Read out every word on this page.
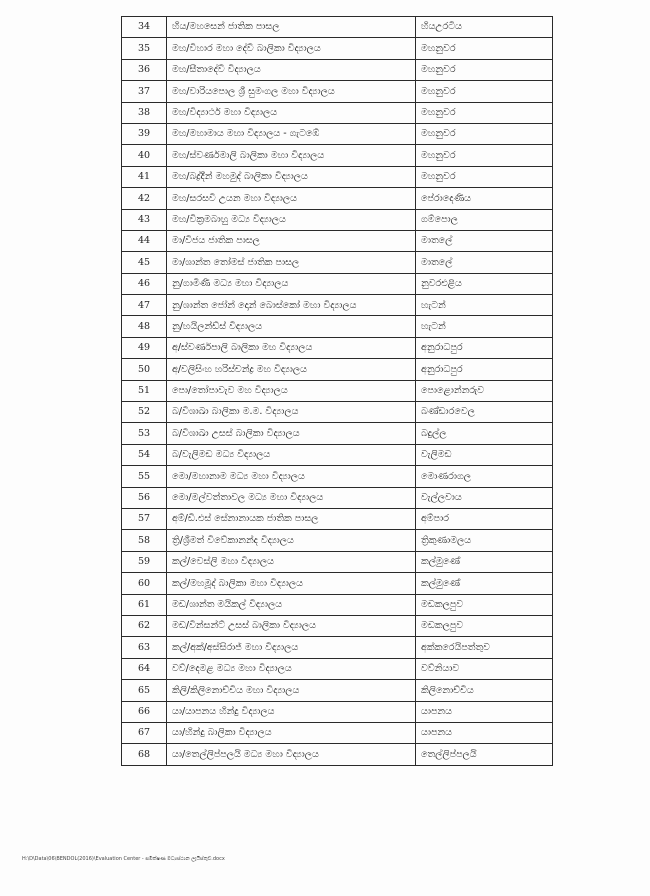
34	හිය/මහසෙන් ජාතික පාසල	හියඋරටිය
35	මහ/විහාර මහා දේවි බාලිකා විද්‍යාලය	මහනුවර
36	මහ/සීතාදේවි විද්‍යාලය	මහනුවර
37	මහ/වාරියපොල ශ්‍රී සුමංගල මහා විද්‍යාලය	මහනුවර
38	මහ/විද්‍යාර්ථ මහා විද්‍යාලය	මහනුවර
39	මහ/මහාමාය මහා විද්‍යාලය - ගැටඹේ	මහනුවර
40	මහ/ස්වර්ණමාලි බාලිකා මහා විද්‍යාලය	මහනුවර
41	මහ/බද්‍ර්දීන් මහමුද් බාලිකා විද්‍යාලය	මහනුවර
42	මහ/සරසවි උයන මහා විද්‍යාලය	පේරාදෙණිය
43	මහ/වික්‍රමබාහු මධ්‍ය විද්‍යාලය	ගම්පොල
44	මා/විජය ජාතික පාසල	මාතලේ
45	මා/ශාන්ත තෝමස් ජාතික පාසල	මාතලේ
46	නු/ගාමිණී මධ්‍ය මහා විද්‍යාලය	නුවරඑළිය
47	නු/ශාන්ත ජෝන් දොන් බොස්කෝ මහා විද්‍යාලය	හැටන්
48	නු/හයිලන්ඩ්ස් විද්‍යාලය	හැටන්
49	අ/ස්වර්ණපාලි බාලිකා මහ විද්‍යාලය	අනුරාධපුර
50	අ/වලිසිංහ හරිස්චන්ද්‍ර මහ විද්‍යාලය	අනුරාධපුර
51	පො/තෝපාවැව මහ විද්‍යාලය	පොළොන්නරුව
52	බ/විශාඛා බාලිකා ම.ම. විද්‍යාලය	බණ්ඩාරවෙල
53	බ/විශාඛා උසස් බාලිකා විද්‍යාලය	බදුල්ල
54	බ/වැලිමඩ මධ්‍ය විද්‍යාලය	වැලිමඩ
55	මො/මහානාම මධ්‍ය මහා විද්‍යාලය	මොණරාගල
56	මො/මල්වත්තාවල මධ්‍ය මහා විද්‍යාලය	වැල්ලවාය
57	අම්/ඩී.එස් සේනානායක ජාතික පාසල	අම්පාර
58	ත්‍රි/ශ්‍රීමත් විවේකානන්ද විද්‍යාලය	ත්‍රිකුණාමලය
59	කල්/වෙස්ලි මහා විද්‍යාලය	කල්මුණේ
60	කල්/මහමූද් බාලිකා මහා විද්‍යාලය	කල්මුණේ
61	මඩ/ශාන්ත මයිකල් විද්‍යාලය	මඩකලපුව
62	මඩ/වින්සන්ට් උසස් බාලිකා විද්‍යාලය	මඩකලපුව
63	කල්/අක්/අස්සිරාජ් මහා විද්‍යාලය	අක්කරෙයිපත්තුව
64	වව්/දෙමළ මධ්‍ය මහා විද්‍යාලය	වව්නියාව
65	කිලි/කිලිනොච්චිය මහා විද්‍යාලය	කිලිනොච්චිය
66	යා/යාපනය හින්දු විද්‍යාලය	යාපනය
67	යා/හින්දු බාලිකා විද්‍යාලය	යාපනය
68	යා/තෙල්ලිප්පලයි මධ්‍ය මහා විද්‍යාලය	තෙල්ලිප්පලයි
H:\D\Data\06\BENDOL(2016)\Evaluation Center - සමීක්ෂණ මධ්‍යස්ථාන ලැයිස්තුව.docx
